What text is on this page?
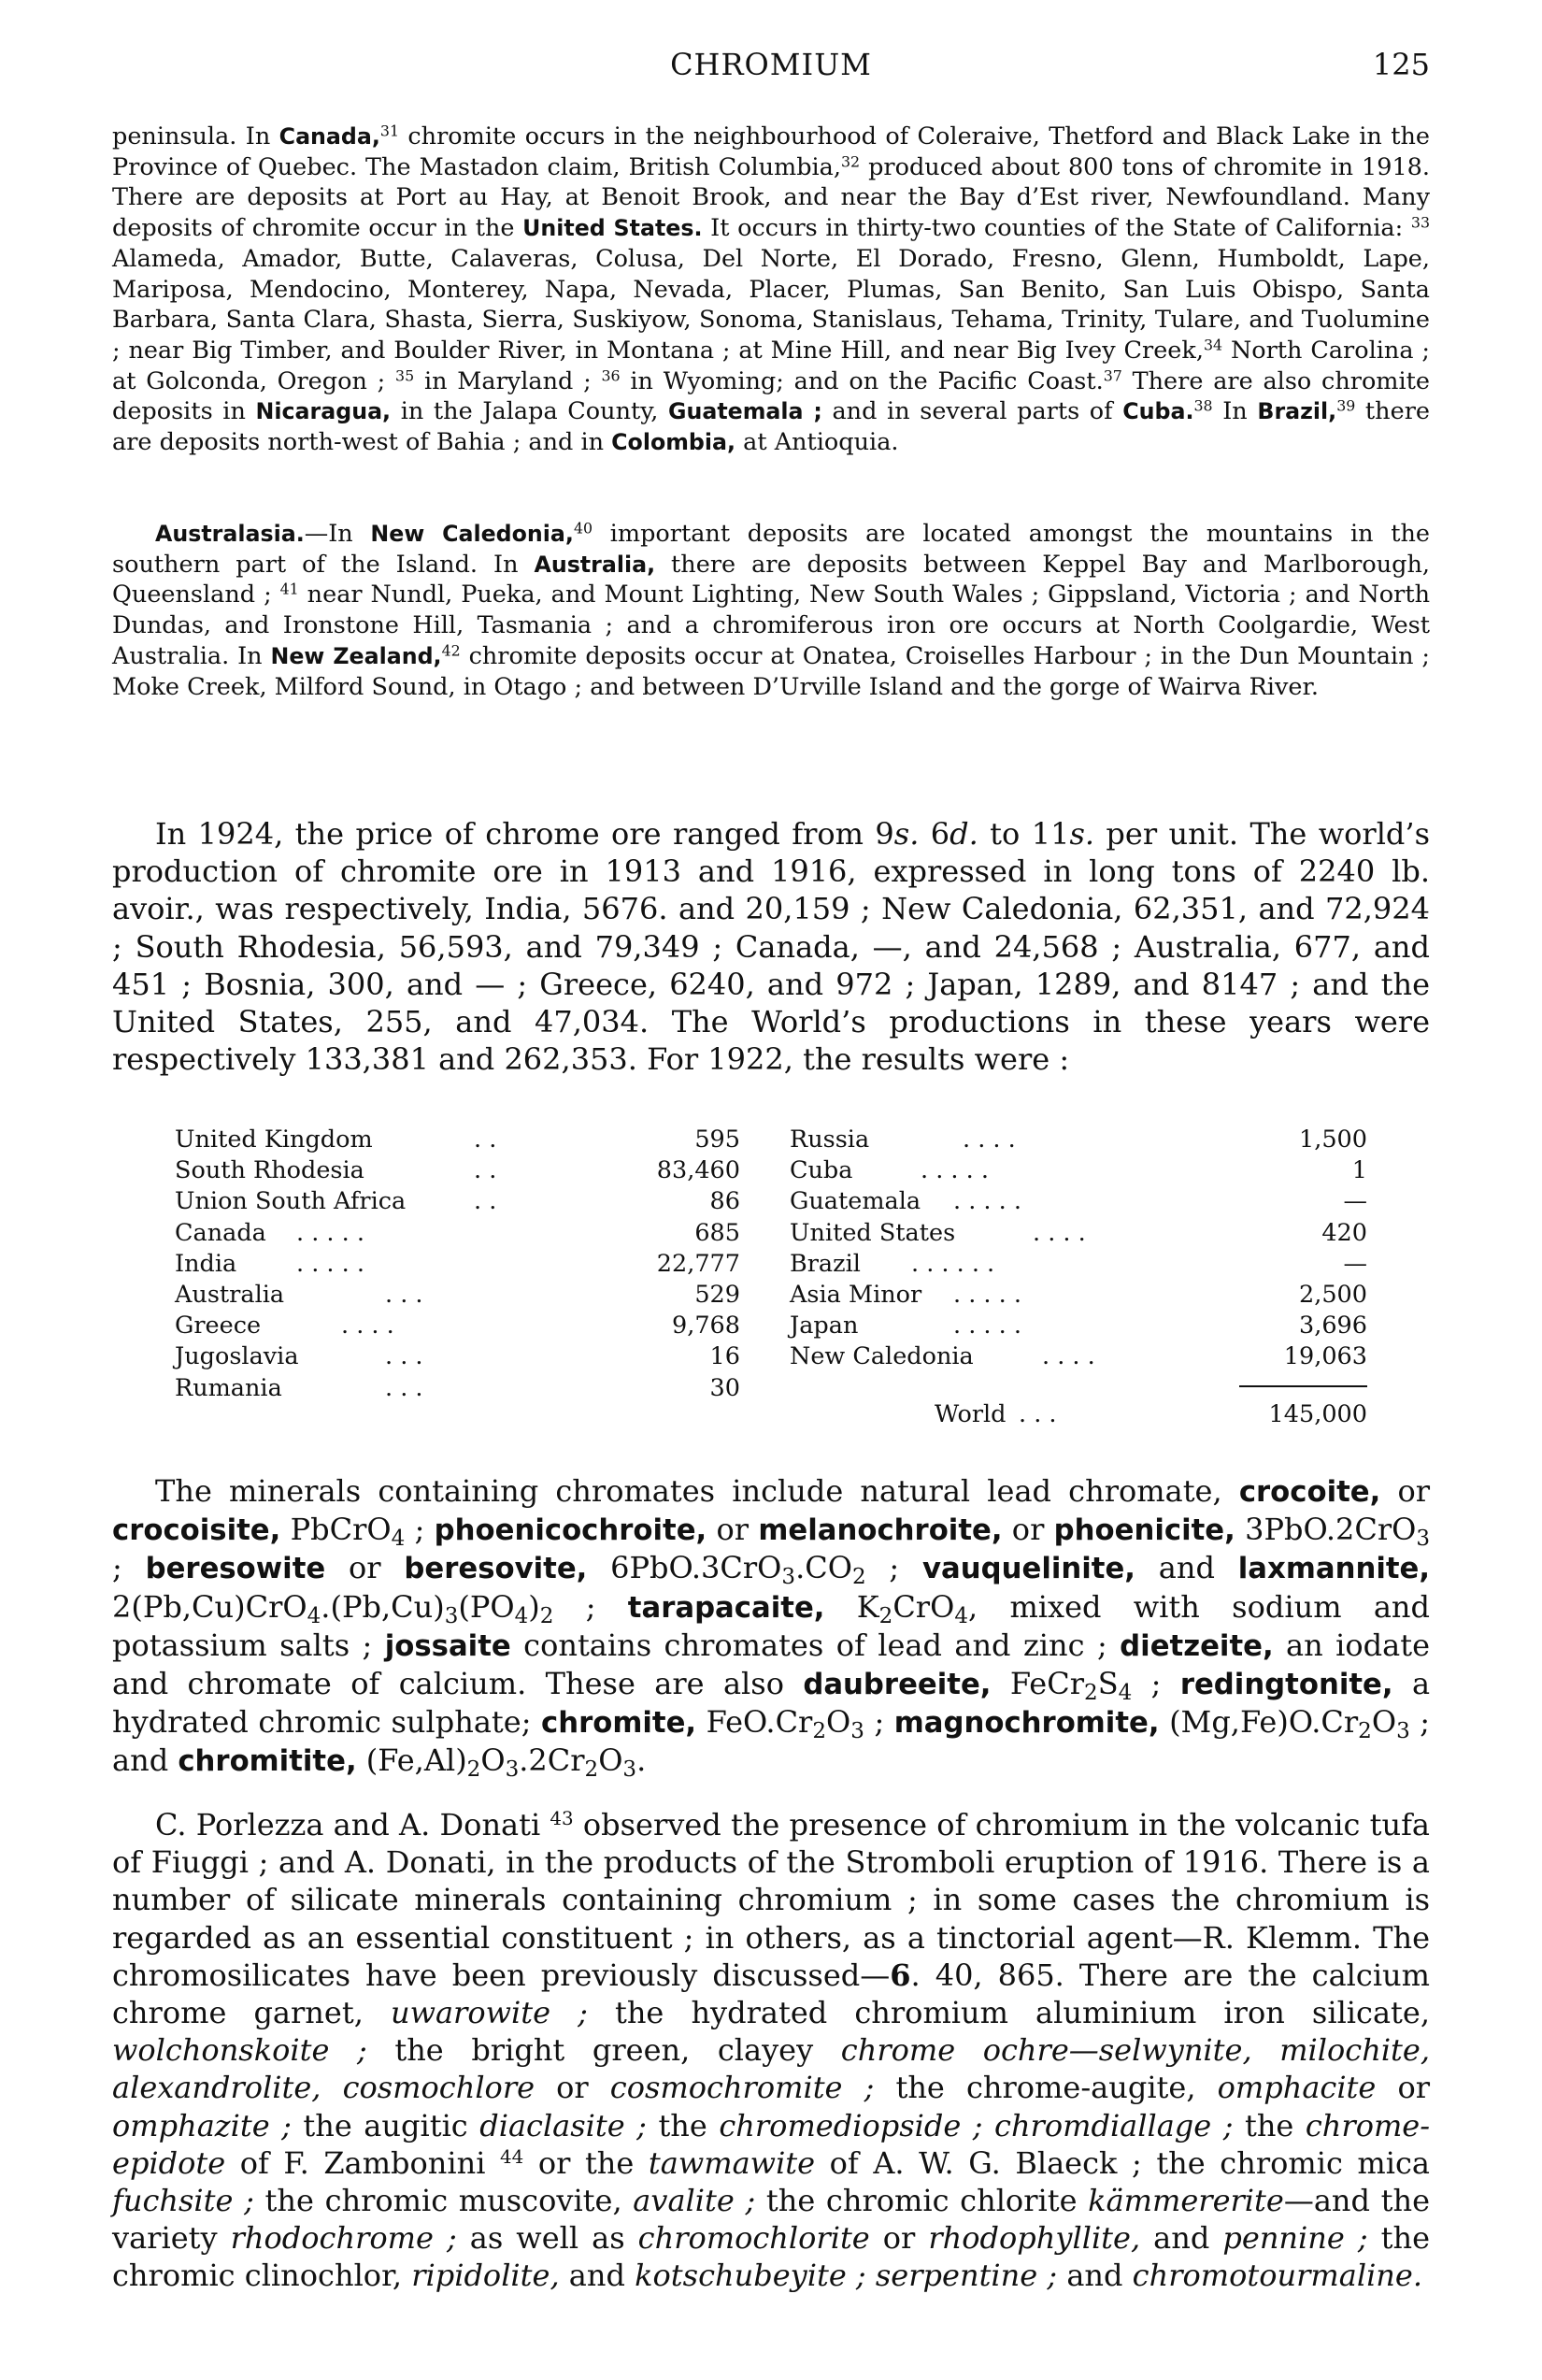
CHROMIUM	125

peninsula. In Canada,$^{31}$ chromite occurs in the neighbourhood of Coleraive, Thetford and Black Lake in the Province of Quebec. The Mastadon claim, British Columbia,$^{32}$ produced about 800 tons of chromite in 1918. There are deposits at Port au Hay, at Benoit Brook, and near the Bay d’Est river, Newfoundland. Many deposits of chromite occur in the United States. It occurs in thirty-two counties of the State of California: $^{33}$ Alameda, Amador, Butte, Calaveras, Colusa, Del Norte, El Dorado, Fresno, Glenn, Humboldt, Lape, Mariposa, Mendocino, Monterey, Napa, Nevada, Placer, Plumas, San Benito, San Luis Obispo, Santa Barbara, Santa Clara, Shasta, Sierra, Suskiyow, Sonoma, Stanislaus, Tehama, Trinity, Tulare, and Tuolumine ; near Big Timber, and Boulder River, in Montana ; at Mine Hill, and near Big Ivey Creek,$^{34}$ North Carolina ; at Golconda, Oregon ; $^{35}$ in Maryland ; $^{36}$ in Wyoming; and on the Pacific Coast.$^{37}$ There are also chromite deposits in Nicaragua, in the Jalapa County, Guatemala ; and in several parts of Cuba.$^{38}$ In Brazil,$^{39}$ there are deposits north-west of Bahia ; and in Colombia, at Antioquia.

Australasia.—In New Caledonia,$^{40}$ important deposits are located amongst the mountains in the southern part of the Island. In Australia, there are deposits between Keppel Bay and Marlborough, Queensland ; $^{41}$ near Nundl, Pueka, and Mount Lighting, New South Wales ; Gippsland, Victoria ; and North Dundas, and Ironstone Hill, Tasmania ; and a chromiferous iron ore occurs at North Coolgardie, West Australia. In New Zealand,$^{42}$ chromite deposits occur at Onatea, Croiselles Harbour ; in the Dun Mountain ; Moke Creek, Milford Sound, in Otago ; and between D’Urville Island and the gorge of Wairva River.

In 1924, the price of chrome ore ranged from 9s. 6d. to 11s. per unit. The world’s production of chromite ore in 1913 and 1916, expressed in long tons of 2240 lb. avoir., was respectively, India, 5676. and 20,159 ; New Caledonia, 62,351, and 72,924 ; South Rhodesia, 56,593, and 79,349 ; Canada, —, and 24,568 ; Australia, 677, and 451 ; Bosnia, 300, and — ; Greece, 6240, and 972 ; Japan, 1289, and 8147 ; and the United States, 255, and 47,034. The World’s productions in these years were respectively 133,381 and 262,353. For 1922, the results were :

United Kingdom	. .	595
South Rhodesia	. .	83,460
Union South Africa	. .	86
Canada . . . . .	685
India	. . . . .	22,777
Australia	. . .	529
Greece	. . . .	9,768
Jugoslavia	. . .	16
Rumania	. . .	30
Russia	. . . .	1,500
Cuba	. . . . .	1
Guatemala . . . . .	—
United States	. . . .	420
Brazil . . . . . .	—
Asia Minor . . . . .	2,500
Japan	. . . . .	3,696
New Caledonia	. . . .	19,063
World . . .	145,000

The minerals containing chromates include natural lead chromate, crocoite, or crocoisite, PbCrO$_4$ ; phoenicochroite, or melanochroite, or phoenicite, 3PbO.2CrO$_3$ ; beresowite or beresovite, $6PbO.3CrO_3.CO_2$ ; vauquelinite, and laxmannite, $2(Pb,Cu)CrO_4.(Pb,Cu)_3(PO_4)_2$ ; tarapacaite, $K_2CrO_4$, mixed with sodium and potassium salts ; jossaite contains chromates of lead and zinc ; dietzeite, an iodate and chromate of calcium. These are also daubreeite, $FeCr_2S_4$ ; redingtonite, a hydrated chromic sulphate; chromite, $FeO.Cr_2O_3$ ; magnochromite, $(Mg,Fe)O.Cr_2O_3$ ; and chromitite, $(Fe,Al)_2O_3.2Cr_2O_3$.

C. Porlezza and A. Donati $^{43}$ observed the presence of chromium in the volcanic tufa of Fiuggi ; and A. Donati, in the products of the Stromboli eruption of 1916. There is a number of silicate minerals containing chromium ; in some cases the chromium is regarded as an essential constituent ; in others, as a tinctorial agent—R. Klemm. The chromosilicates have been previously discussed—6. 40, 865. There are the calcium chrome garnet, uwarowite ; the hydrated chromium aluminium iron silicate, wolchonskoite ; the bright green, clayey chrome ochre—selwynite, milochite, alexandrolite, cosmochlore or cosmochromite ; the chrome-augite, omphacite or omphazite ; the augitic diaclasite ; the chromediopside ; chromdiallage ; the chrome-epidote of F. Zambonini $^{44}$ or the tawmawite of A. W. G. Blaeck ; the chromic mica fuchsite ; the chromic muscovite, avalite ; the chromic chlorite kämmererite—and the variety rhodochrome ; as well as chromochlorite or rhodophyllite, and pennine ; the chromic clinochlor, ripidolite, and kotschubeyite ; serpentine ; and chromotourmaline.
